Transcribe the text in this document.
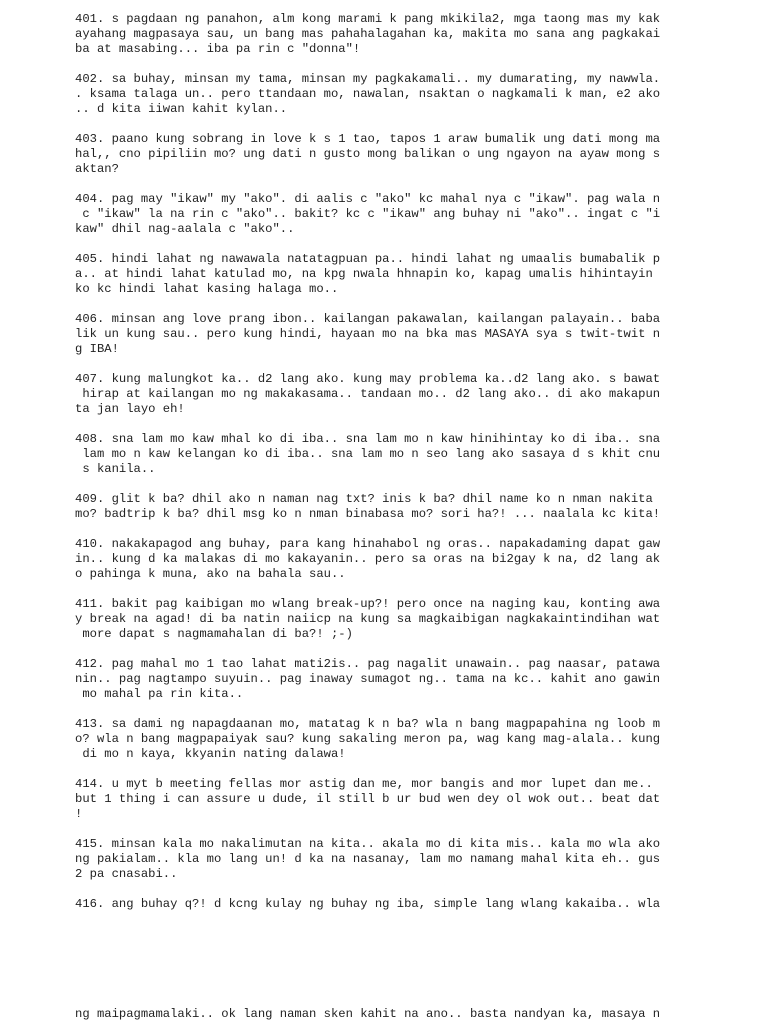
401. s pagdaan ng panahon, alm kong marami k pang mkikila2, mga taong mas my kak
ayahang magpasaya sau, un bang mas pahahalagahan ka, makita mo sana ang pagkakai
ba at masabing... iba pa rin c "donna"!
402. sa buhay, minsan my tama, minsan my pagkakamali.. my dumarating, my nawwla.
. ksama talaga un.. pero ttandaan mo, nawalan, nsaktan o nagkamali k man, e2 ako
.. d kita iiwan kahit kylan..
403. paano kung sobrang in love k s 1 tao, tapos 1 araw bumalik ung dati mong ma
hal,, cno pipiliin mo? ung dati n gusto mong balikan o ung ngayon na ayaw mong s
aktan?
404. pag may "ikaw" my "ako". di aalis c "ako" kc mahal nya c "ikaw". pag wala n
c "ikaw" la na rin c "ako".. bakit? kc c "ikaw" ang buhay ni "ako".. ingat c "i
kaw" dhil nag-aalala c "ako"..
405. hindi lahat ng nawawala natatagpuan pa.. hindi lahat ng umaalis bumabalik p
a.. at hindi lahat katulad mo, na kpg nwala hhnapin ko, kapag umalis hihintayin
ko kc hindi lahat kasing halaga mo..
406. minsan ang love prang ibon.. kailangan pakawalan, kailangan palayain.. baba
lik un kung sau.. pero kung hindi, hayaan mo na bka mas MASAYA sya s twit-twit n
g IBA!
407. kung malungkot ka.. d2 lang ako. kung may problema ka..d2 lang ako. s bawat
hirap at kailangan mo ng makakasama.. tandaan mo.. d2 lang ako.. di ako makapun
ta jan layo eh!
408. sna lam mo kaw mhal ko di iba.. sna lam mo n kaw hinihintay ko di iba.. sna
lam mo n kaw kelangan ko di iba.. sna lam mo n seo lang ako sasaya d s khit cnu
s kanila..
409. glit k ba? dhil ako n naman nag txt? inis k ba? dhil name ko n nman nakita
mo? badtrip k ba? dhil msg ko n nman binabasa mo? sori ha?! ... naalala kc kita!
410. nakakapagod ang buhay, para kang hinahabol ng oras.. napakadaming dapat gaw
in.. kung d ka malakas di mo kakayanin.. pero sa oras na bi2gay k na, d2 lang ak
o pahinga k muna, ako na bahala sau..
411. bakit pag kaibigan mo wlang break-up?! pero once na naging kau, konting awa
y break na agad! di ba natin naiicp na kung sa magkaibigan nagkakaintindihan wat
more dapat s nagmamahalan di ba?! ;-)
412. pag mahal mo 1 tao lahat mati2is.. pag nagalit unawain.. pag naasar, patawa
nin.. pag nagtampo suyuin.. pag inaway sumagot ng.. tama na kc.. kahit ano gawin
mo mahal pa rin kita..
413. sa dami ng napagdaanan mo, matatag k n ba? wla n bang magpapahina ng loob m
o? wla n bang magpapaiyak sau? kung sakaling meron pa, wag kang mag-alala.. kung
di mo n kaya, kkyanin nating dalawa!
414. u myt b meeting fellas mor astig dan me, mor bangis and mor lupet dan me..
but 1 thing i can assure u dude, il still b ur bud wen dey ol wok out.. beat dat
!
415. minsan kala mo nakalimutan na kita.. akala mo di kita mis.. kala mo wla ako
ng pakialam.. kla mo lang un! d ka na nasanay, lam mo namang mahal kita eh.. gus
2 pa cnasabi..
416. ang buhay q?! d kcng kulay ng buhay ng iba, simple lang wlang kakaiba.. wla
ng maipagmamalaki.. ok lang naman sken kahit na ano.. basta nandyan ka, masaya n
